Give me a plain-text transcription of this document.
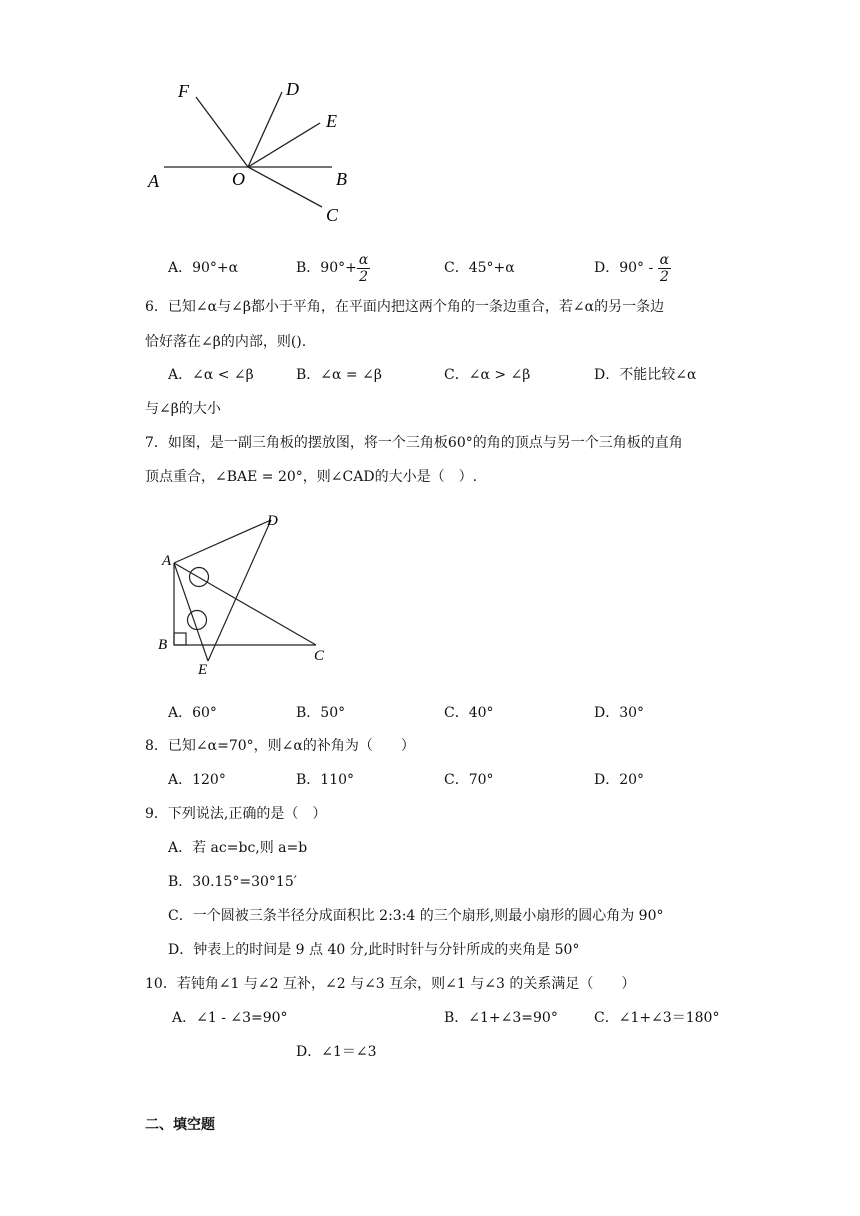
F	D
E
A	O	B
C
A．90°+α	B．$90^\circ+ \frac{\alpha}{2}$	C．45°+α	D．$90^\circ - \frac{\alpha}{2}$
6．已知∠α与∠β都小于平角，在平面内把这两个角的一条边重合，若∠α的另一条边
恰好落在∠β的内部，则().
A．∠α < ∠β	B．∠α = ∠β	C．∠α > ∠β	D．不能比较∠α
与∠β的大小
7．如图，是一副三角板的摆放图，将一个三角板60°的角的顶点与另一个三角板的直角
顶点重合，∠BAE = 20°，则∠CAD的大小是（　）.
A
D
B
C
E
A．60°	B．50°	C．40°	D．30°
8．已知∠α=70°，则∠α的补角为（　　）
A．120°	B．110°	C．70°	D．20°
9．下列说法,正确的是（　）
A．若 ac=bc,则 a=b
B．30.15°=30°15′
C．一个圆被三条半径分成面积比 2:3:4 的三个扇形,则最小扇形的圆心角为 90°
D．钟表上的时间是 9 点 40 分,此时时针与分针所成的夹角是 50°
10．若钝角∠1 与∠2 互补，∠2 与∠3 互余，则∠1 与∠3 的关系满足（　　）
A．∠1 - ∠3=90°	B．∠1+∠3=90°	C．∠1+∠3＝180°
D．∠1＝∠3
二、填空题
